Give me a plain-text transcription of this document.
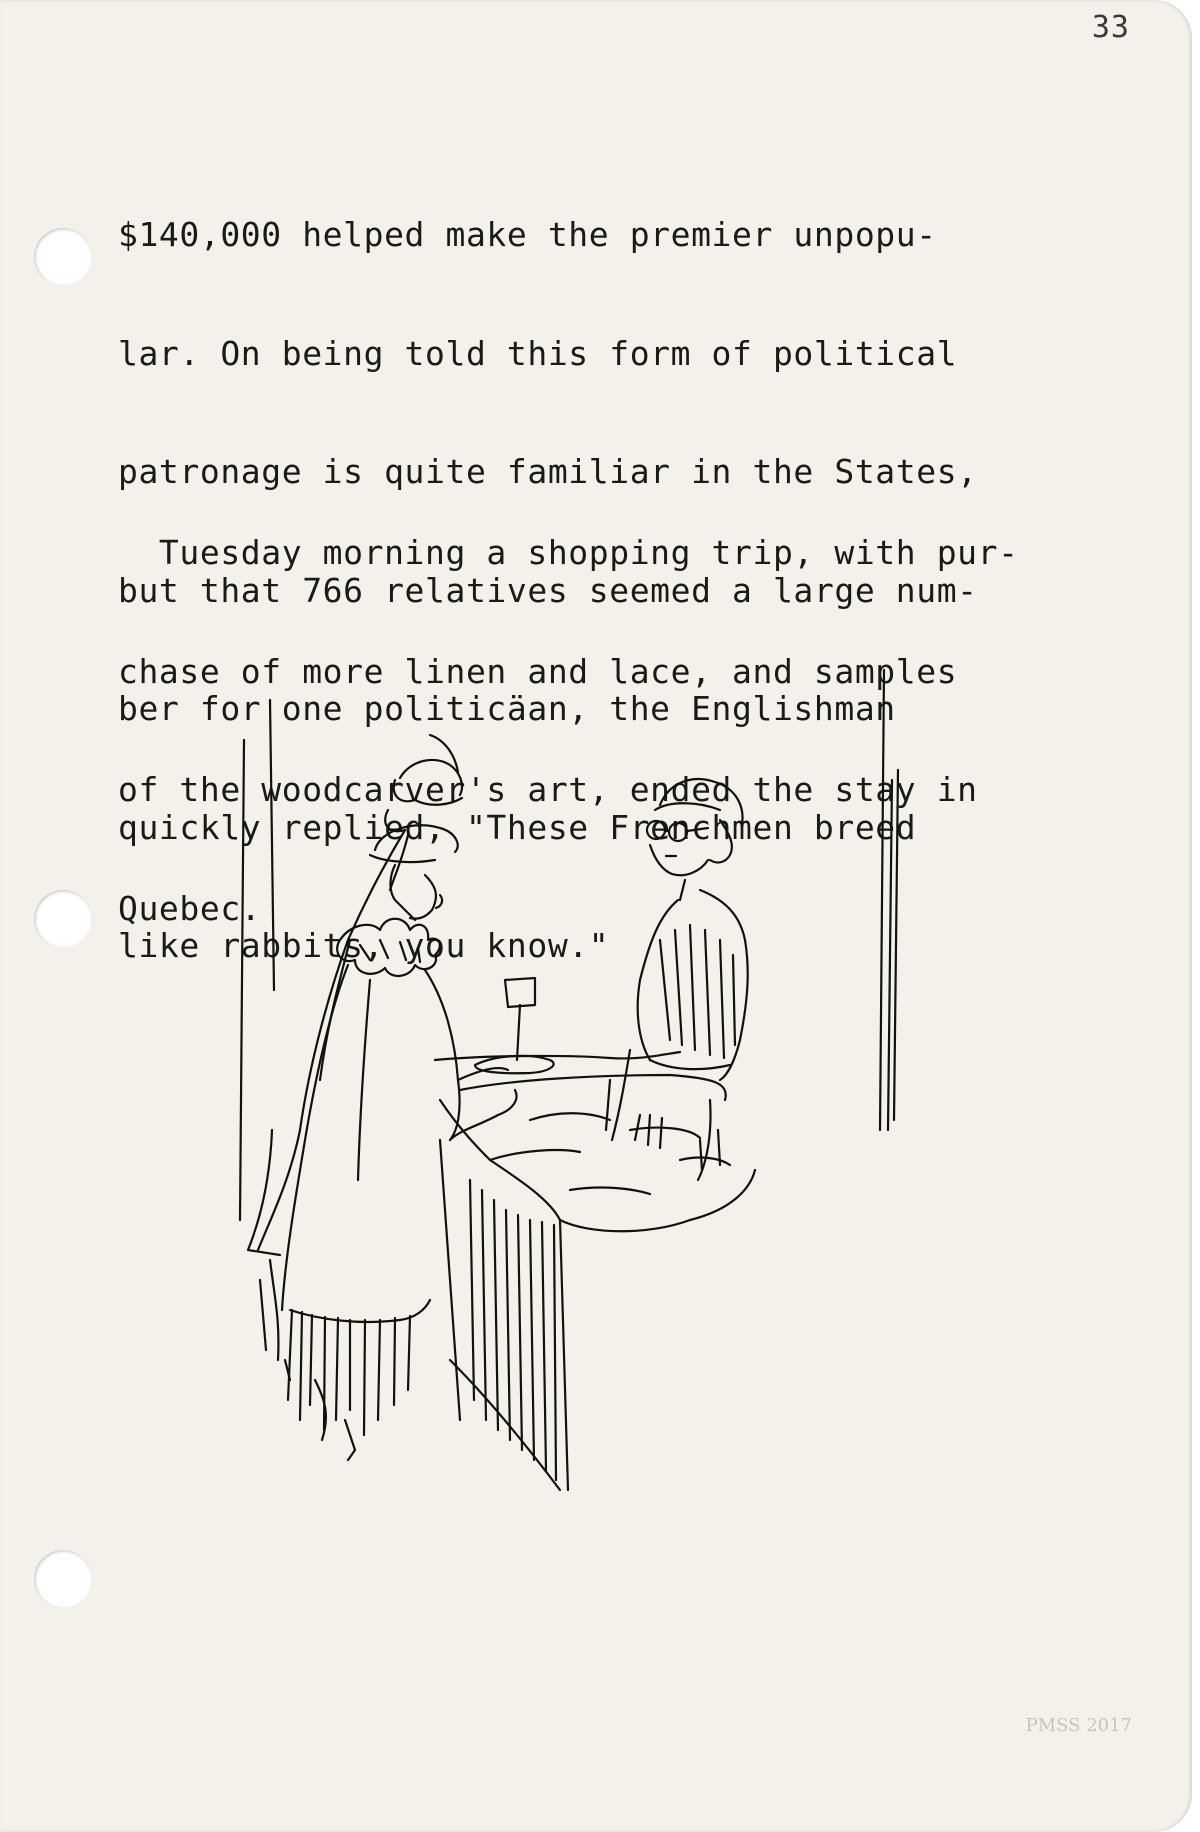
33

$140,000 helped make the premier unpopu-

lar. On being told this form of political

patronage is quite familiar in the States,

but that 766 relatives seemed a large num-

ber for one politicäan, the Englishman

quickly replied, "These Frenchmen breed

like rabbits, you know."

Tuesday morning a shopping trip, with pur-

chase of more linen and lace, and samples

of the woodcarver's art, ended the stay in

Quebec.

PMSS 2017
